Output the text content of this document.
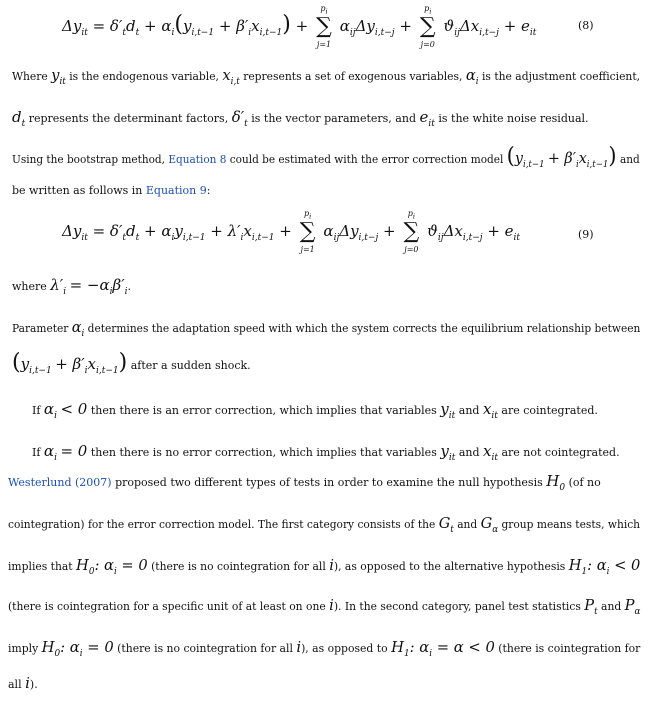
$\Delta y_{it} = \delta'_td_t + \alpha_i(y_{i,t-1} + \beta'_ix_{i,t-1})$ +
$p_i$
∑
j=1
$\alpha_{ij}\Delta y_{i,t-j}$ +
$p_i$
∑
j=0
$ϑ_{ij}\Delta x_{i,t-j} + e_{it}$
(8)
Where $y_{it}$ is the endogenous variable, $x_{i,t}$ represents a set of exogenous variables, $\alpha_i$ is the adjustment coefficient,
$d_t$ represents the determinant factors, $\delta'_t$ is the vector parameters, and $e_{it}$ is the white noise residual.
Using the bootstrap method, Equation 8 could be estimated with the error correction model $(y_{i,t-1} + \beta'_ix_{i,t-1})$ and
be written as follows in Equation 9:
$\Delta y_{it} = \delta'_td_t + \alpha_iy_{i,t-1} + \lambda'_ix_{i,t-1}$ +
$p_i$
∑
j=1
$\alpha_{ij}\Delta y_{i,t-j}$ +
$p_i$
∑
j=0
$ϑ_{ij}\Delta x_{i,t-j} + e_{it}$	(9)
where $\lambda'_i = -\alpha_i\beta'_i$.
Parameter $\alpha_i$ determines the adaptation speed with which the system corrects the equilibrium relationship between
$(y_{i,t-1} + \beta'_ix_{i,t-1})$ after a sudden shock.
If $\alpha_i < 0$ then there is an error correction, which implies that variables $y_{it}$ and $x_{it}$ are cointegrated.
If $\alpha_i = 0$ then there is no error correction, which implies that variables $y_{it}$ and $x_{it}$ are not cointegrated.
Westerlund (2007) proposed two different types of tests in order to examine the null hypothesis $H_0$ (of no
cointegration) for the error correction model. The first category consists of the $G_t$ and $G_\alpha$ group means tests, which
implies that $H_0$: $\alpha_i = 0$ (there is no cointegration for all i), as opposed to the alternative hypothesis $H_1$: $\alpha_i < 0$
(there is cointegration for a specific unit of at least on one i). In the second category, panel test statistics $P_t$ and $P_\alpha$
imply $H_0$: $\alpha_i = 0$ (there is no cointegration for all i), as opposed to $H_1$: $\alpha_i = \alpha < 0$ (there is cointegration for
all i).
